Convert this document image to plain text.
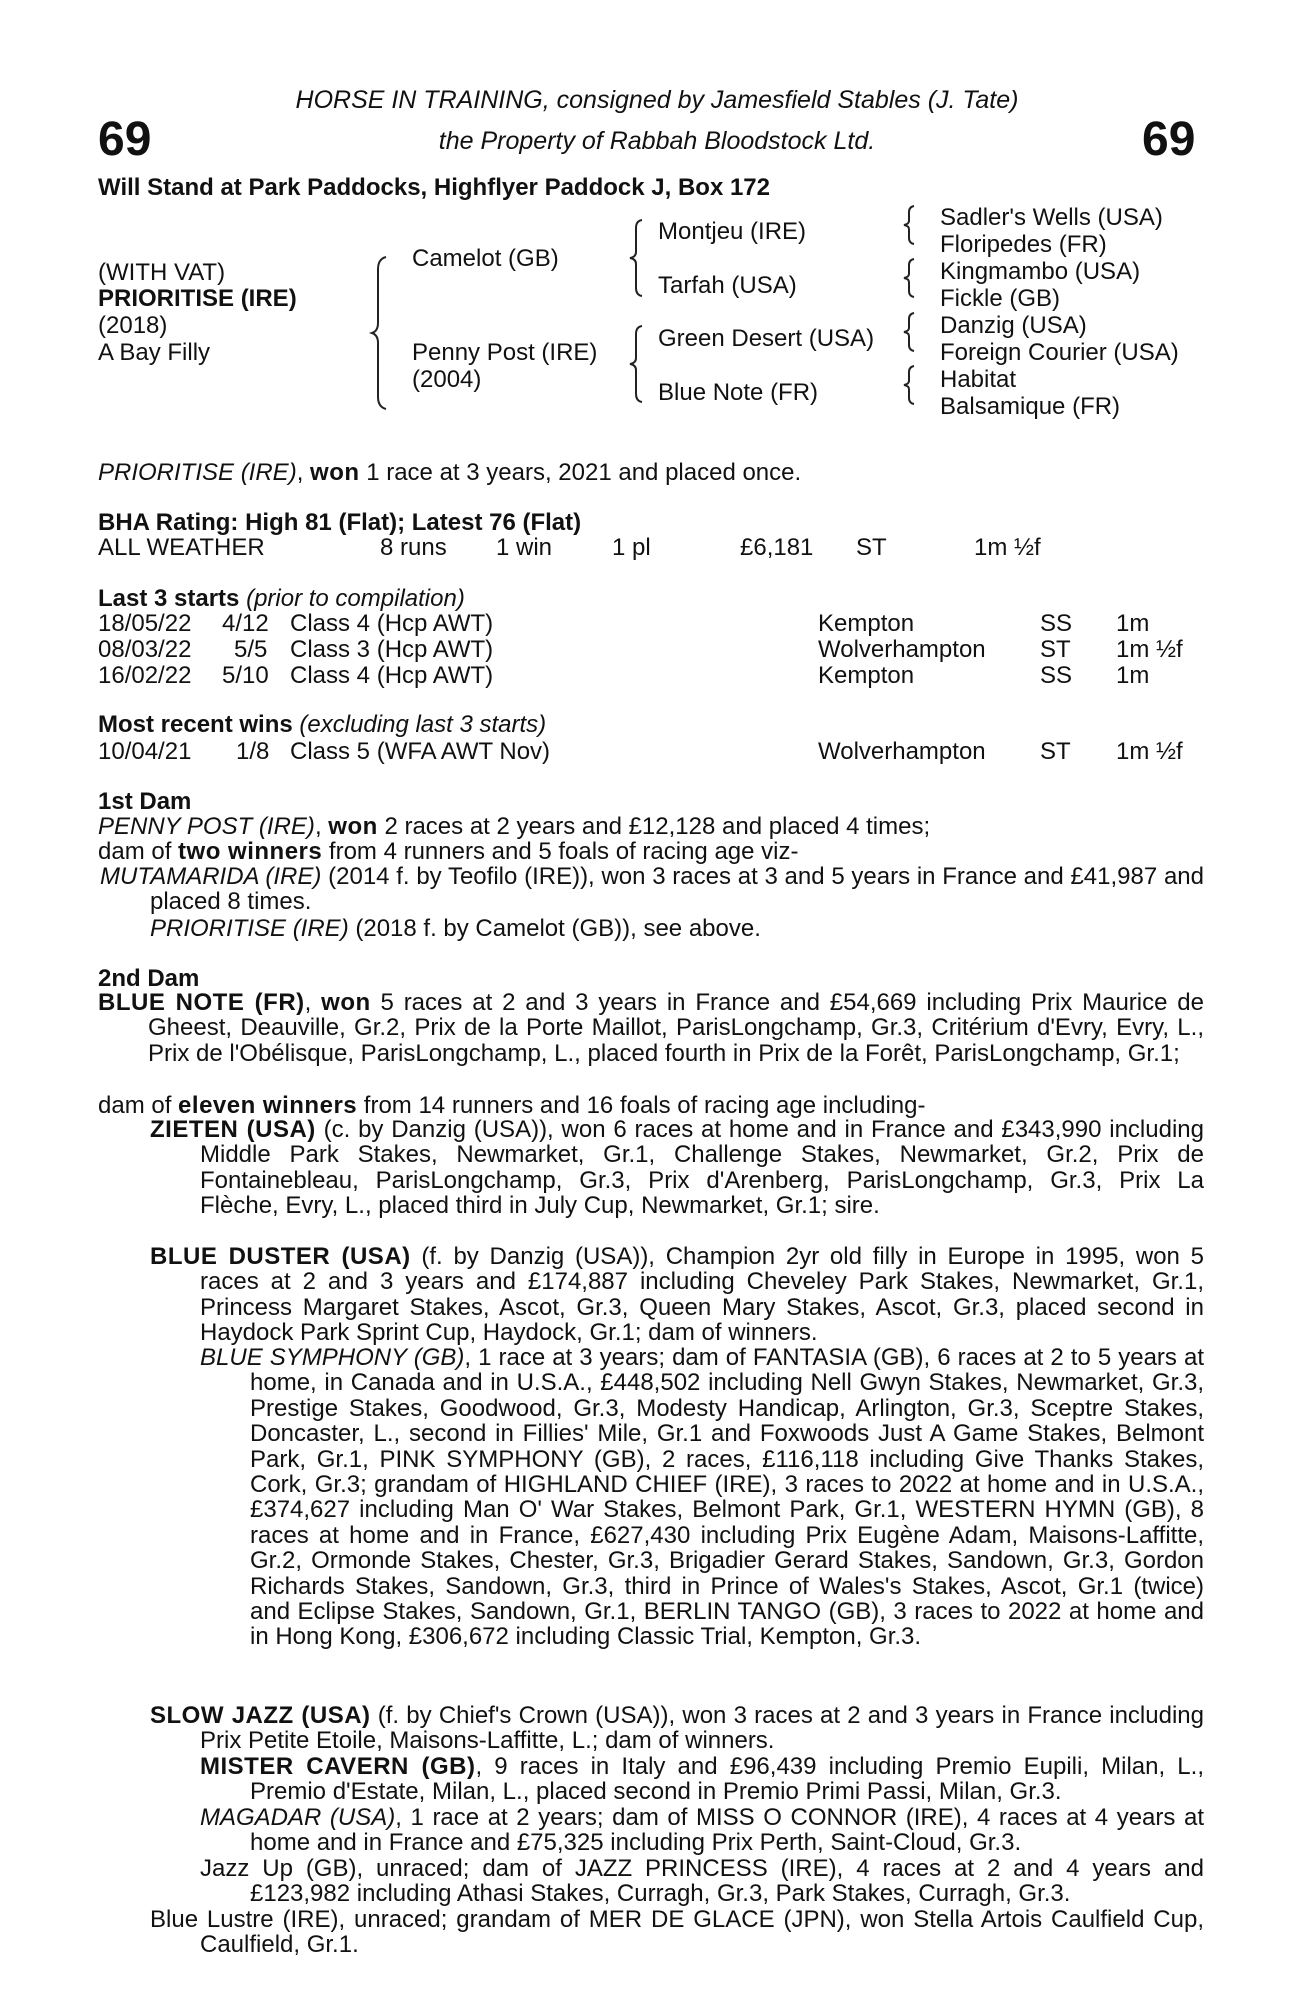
69	69
HORSE IN TRAINING, consigned by Jamesfield Stables (J. Tate)
the Property of Rabbah Bloodstock Ltd.
Will Stand at Park Paddocks, Highflyer Paddock J, Box 172
(WITH VAT)
PRIORITISE (IRE)
(2018)
A Bay Filly
Camelot (GB)
Penny Post (IRE)
(2004)
Montjeu (IRE)
Tarfah (USA)
Green Desert (USA)
Blue Note (FR)
Sadler's Wells (USA)
Floripedes (FR)
Kingmambo (USA)
Fickle (GB)
Danzig (USA)
Foreign Courier (USA)
Habitat
Balsamique (FR)
PRIORITISE (IRE), won 1 race at 3 years, 2021 and placed once.
BHA Rating: High 81 (Flat); Latest 76 (Flat)
ALL WEATHER	8 runs 1 win 1 pl	£6,181 ST	1m ½f
Last 3 starts (prior to compilation)
18/05/22 4/12 Class 4 (Hcp AWT)	Kempton	SS 1m
08/03/22 5/5 Class 3 (Hcp AWT)	Wolverhampton ST 1m ½f
16/02/22 5/10 Class 4 (Hcp AWT)	Kempton	SS 1m
Most recent wins (excluding last 3 starts)
10/04/21 1/8 Class 5 (WFA AWT Nov)	Wolverhampton ST 1m ½f
1st Dam
PENNY POST (IRE), won 2 races at 2 years and £12,128 and placed 4 times;
dam of two winners from 4 runners and 5 foals of racing age viz-
MUTAMARIDA (IRE) (2014 f. by Teofilo (IRE)), won 3 races at 3 and 5 years in France and £41,987 and placed 8 times.
PRIORITISE (IRE) (2018 f. by Camelot (GB)), see above.
2nd Dam
BLUE NOTE (FR), won 5 races at 2 and 3 years in France and £54,669 including Prix Maurice de Gheest, Deauville, Gr.2, Prix de la Porte Maillot, ParisLongchamp, Gr.3, Critérium d'Evry, Evry, L., Prix de l'Obélisque, ParisLongchamp, L., placed fourth in Prix de la Forêt, ParisLongchamp, Gr.1;
dam of eleven winners from 14 runners and 16 foals of racing age including-
ZIETEN (USA) (c. by Danzig (USA)), won 6 races at home and in France and £343,990 including Middle Park Stakes, Newmarket, Gr.1, Challenge Stakes, Newmarket, Gr.2, Prix de Fontainebleau, ParisLongchamp, Gr.3, Prix d'Arenberg, ParisLongchamp, Gr.3, Prix La Flèche, Evry, L., placed third in July Cup, Newmarket, Gr.1; sire.
BLUE DUSTER (USA) (f. by Danzig (USA)), Champion 2yr old filly in Europe in 1995, won 5 races at 2 and 3 years and £174,887 including Cheveley Park Stakes, Newmarket, Gr.1, Princess Margaret Stakes, Ascot, Gr.3, Queen Mary Stakes, Ascot, Gr.3, placed second in Haydock Park Sprint Cup, Haydock, Gr.1; dam of winners.
BLUE SYMPHONY (GB), 1 race at 3 years; dam of FANTASIA (GB), 6 races at 2 to 5 years at home, in Canada and in U.S.A., £448,502 including Nell Gwyn Stakes, Newmarket, Gr.3, Prestige Stakes, Goodwood, Gr.3, Modesty Handicap, Arlington, Gr.3, Sceptre Stakes, Doncaster, L., second in Fillies' Mile, Gr.1 and Foxwoods Just A Game Stakes, Belmont Park, Gr.1, PINK SYMPHONY (GB), 2 races, £116,118 including Give Thanks Stakes, Cork, Gr.3; grandam of HIGHLAND CHIEF (IRE), 3 races to 2022 at home and in U.S.A., £374,627 including Man O' War Stakes, Belmont Park, Gr.1, WESTERN HYMN (GB), 8 races at home and in France, £627,430 including Prix Eugène Adam, Maisons-Laffitte, Gr.2, Ormonde Stakes, Chester, Gr.3, Brigadier Gerard Stakes, Sandown, Gr.3, Gordon Richards Stakes, Sandown, Gr.3, third in Prince of Wales's Stakes, Ascot, Gr.1 (twice) and Eclipse Stakes, Sandown, Gr.1, BERLIN TANGO (GB), 3 races to 2022 at home and in Hong Kong, £306,672 including Classic Trial, Kempton, Gr.3.
SLOW JAZZ (USA) (f. by Chief's Crown (USA)), won 3 races at 2 and 3 years in France including Prix Petite Etoile, Maisons-Laffitte, L.; dam of winners.
MISTER CAVERN (GB), 9 races in Italy and £96,439 including Premio Eupili, Milan, L., Premio d'Estate, Milan, L., placed second in Premio Primi Passi, Milan, Gr.3.
MAGADAR (USA), 1 race at 2 years; dam of MISS O CONNOR (IRE), 4 races at 4 years at home and in France and £75,325 including Prix Perth, Saint-Cloud, Gr.3.
Jazz Up (GB), unraced; dam of JAZZ PRINCESS (IRE), 4 races at 2 and 4 years and £123,982 including Athasi Stakes, Curragh, Gr.3, Park Stakes, Curragh, Gr.3.
Blue Lustre (IRE), unraced; grandam of MER DE GLACE (JPN), won Stella Artois Caulfield Cup, Caulfield, Gr.1.
